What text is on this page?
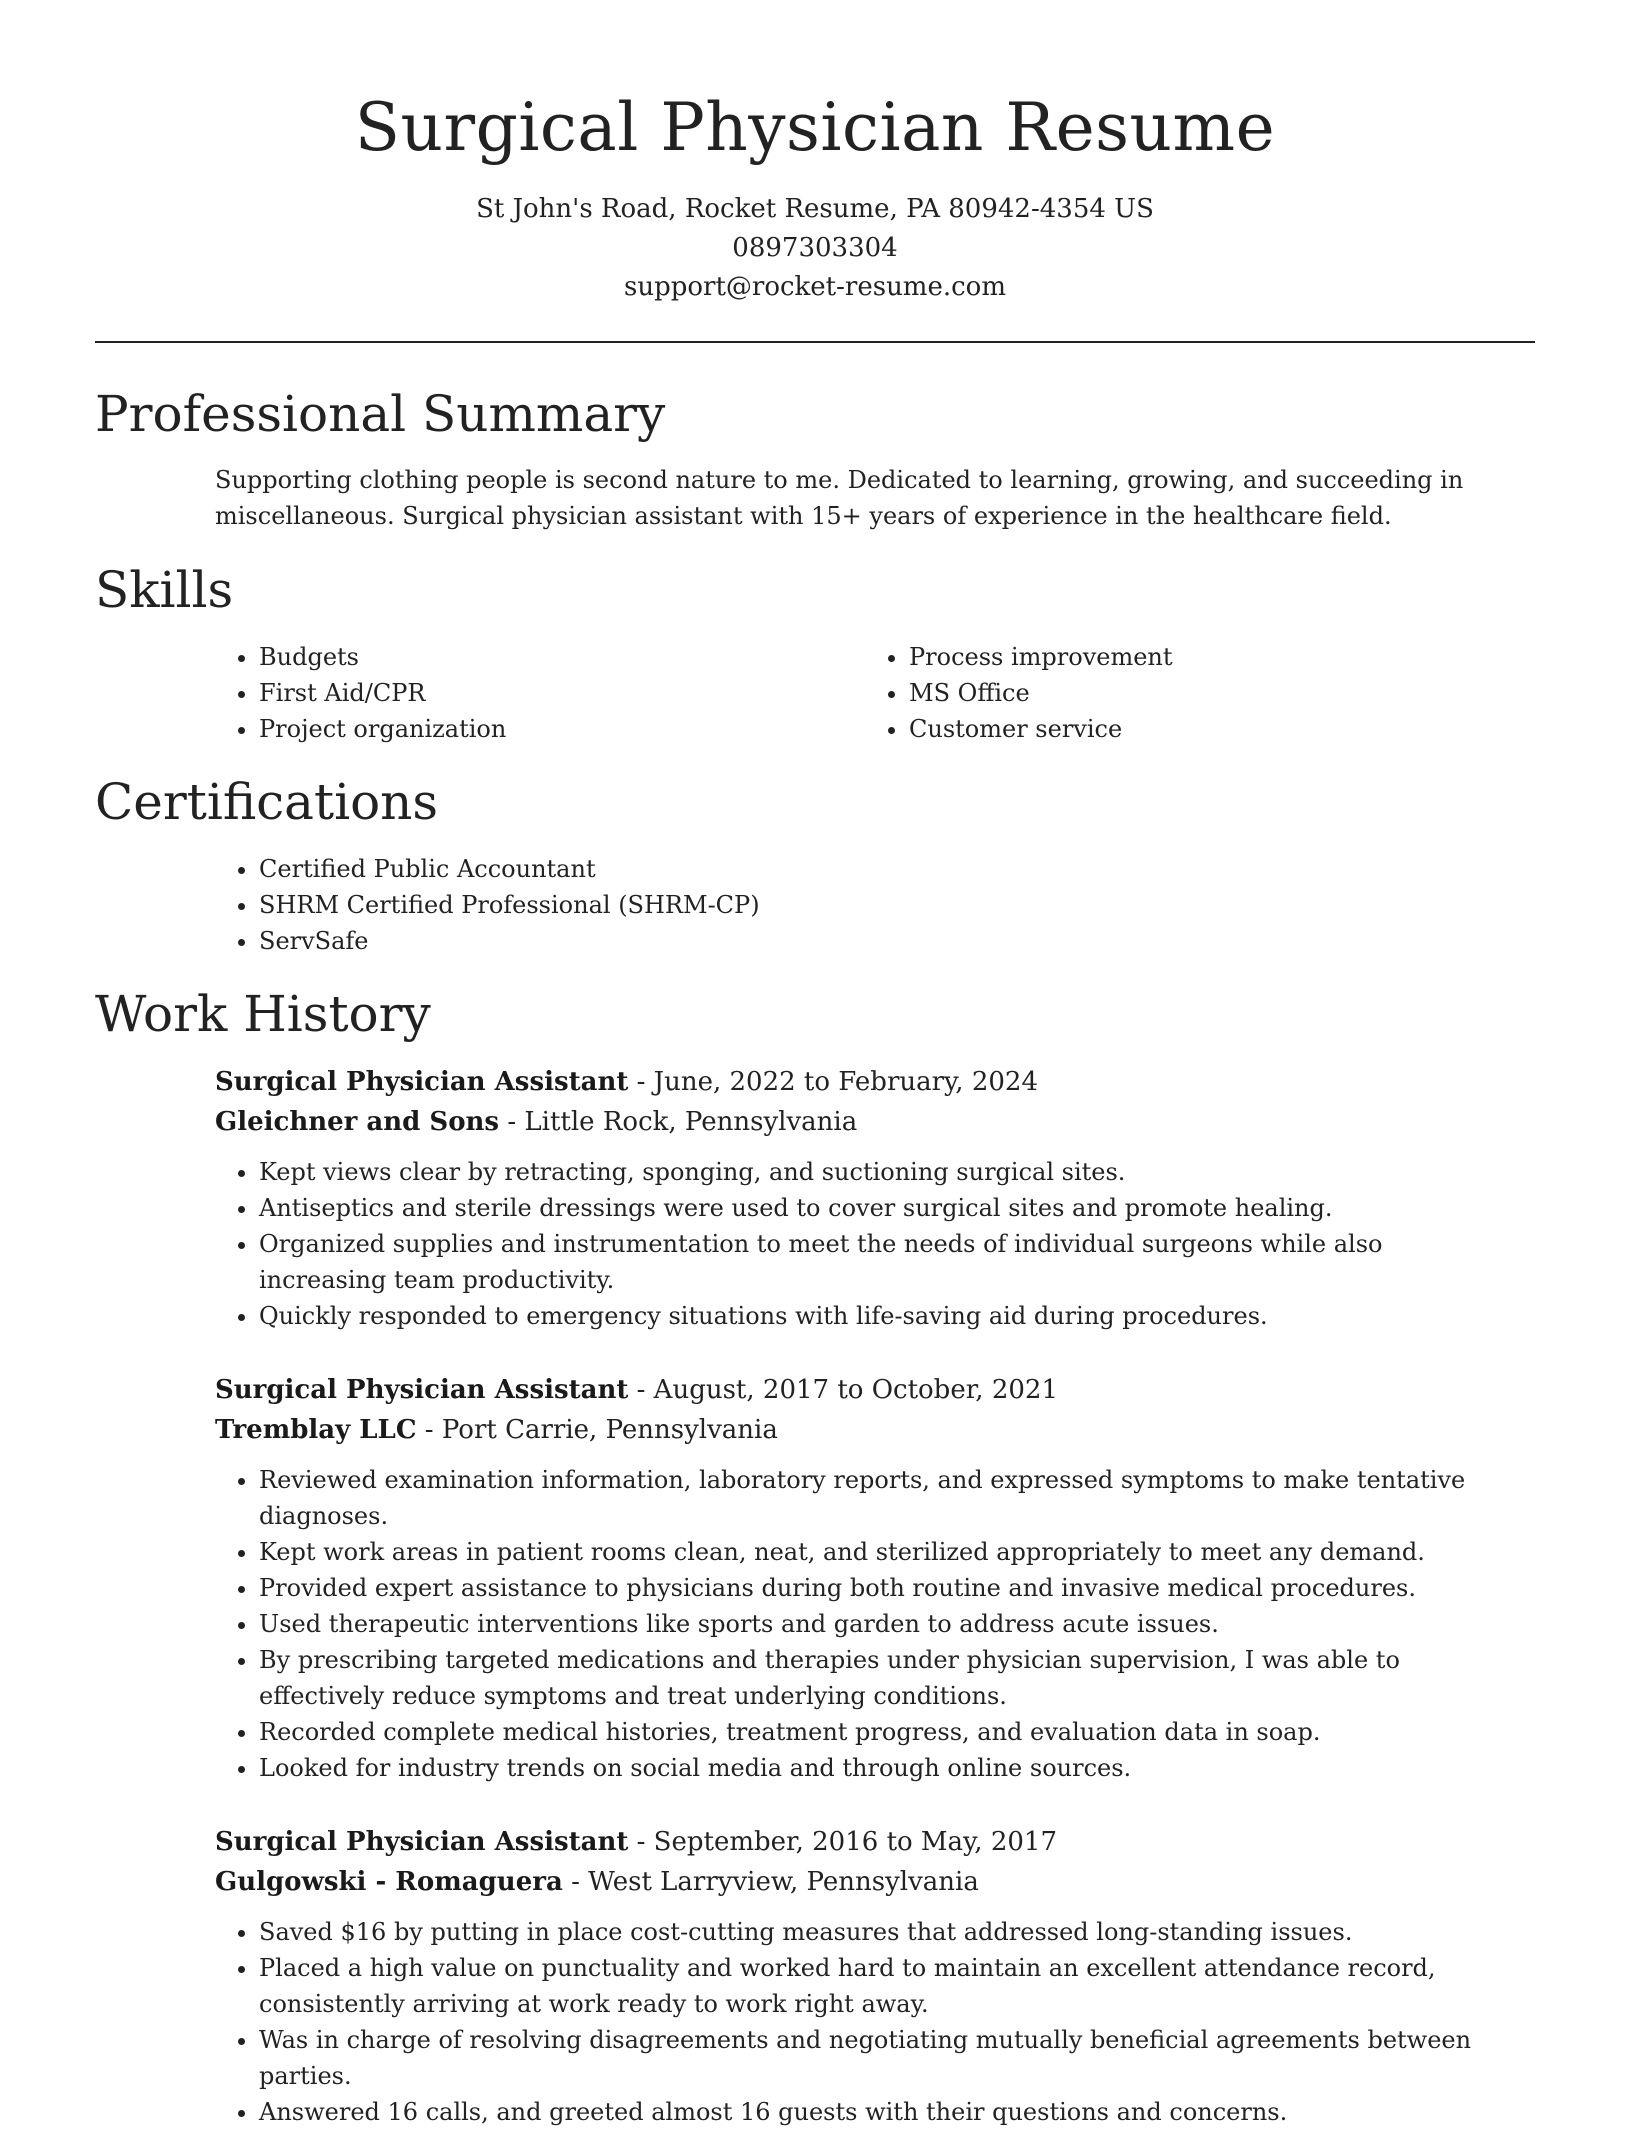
Surgical Physician Resume
St John's Road, Rocket Resume, PA 80942-4354 US
0897303304
support@rocket-resume.com
Professional Summary

Supporting clothing people is second nature to me. Dedicated to learning, growing, and succeeding in miscellaneous. Surgical physician assistant with 15+ years of experience in the healthcare field.

Skills
• Budgets
• First Aid/CPR
• Project organization
• Process improvement
• MS Office
• Customer service
Certifications
• Certified Public Accountant
• SHRM Certified Professional (SHRM-CP)
• ServSafe
Work History
Surgical Physician Assistant - June, 2022 to February, 2024
Gleichner and Sons - Little Rock, Pennsylvania
• Kept views clear by retracting, sponging, and suctioning surgical sites.
• Antiseptics and sterile dressings were used to cover surgical sites and promote healing.
• Organized supplies and instrumentation to meet the needs of individual surgeons while also increasing team productivity.
• Quickly responded to emergency situations with life-saving aid during procedures.
Surgical Physician Assistant - August, 2017 to October, 2021
Tremblay LLC - Port Carrie, Pennsylvania
• Reviewed examination information, laboratory reports, and expressed symptoms to make tentative diagnoses.
• Kept work areas in patient rooms clean, neat, and sterilized appropriately to meet any demand.
• Provided expert assistance to physicians during both routine and invasive medical procedures.
• Used therapeutic interventions like sports and garden to address acute issues.
• By prescribing targeted medications and therapies under physician supervision, I was able to effectively reduce symptoms and treat underlying conditions.
• Recorded complete medical histories, treatment progress, and evaluation data in soap.
• Looked for industry trends on social media and through online sources.
Surgical Physician Assistant - September, 2016 to May, 2017
Gulgowski - Romaguera - West Larryview, Pennsylvania
• Saved $16 by putting in place cost-cutting measures that addressed long-standing issues.
• Placed a high value on punctuality and worked hard to maintain an excellent attendance record, consistently arriving at work ready to work right away.
• Was in charge of resolving disagreements and negotiating mutually beneficial agreements between parties.
• Answered 16 calls, and greeted almost 16 guests with their questions and concerns.
